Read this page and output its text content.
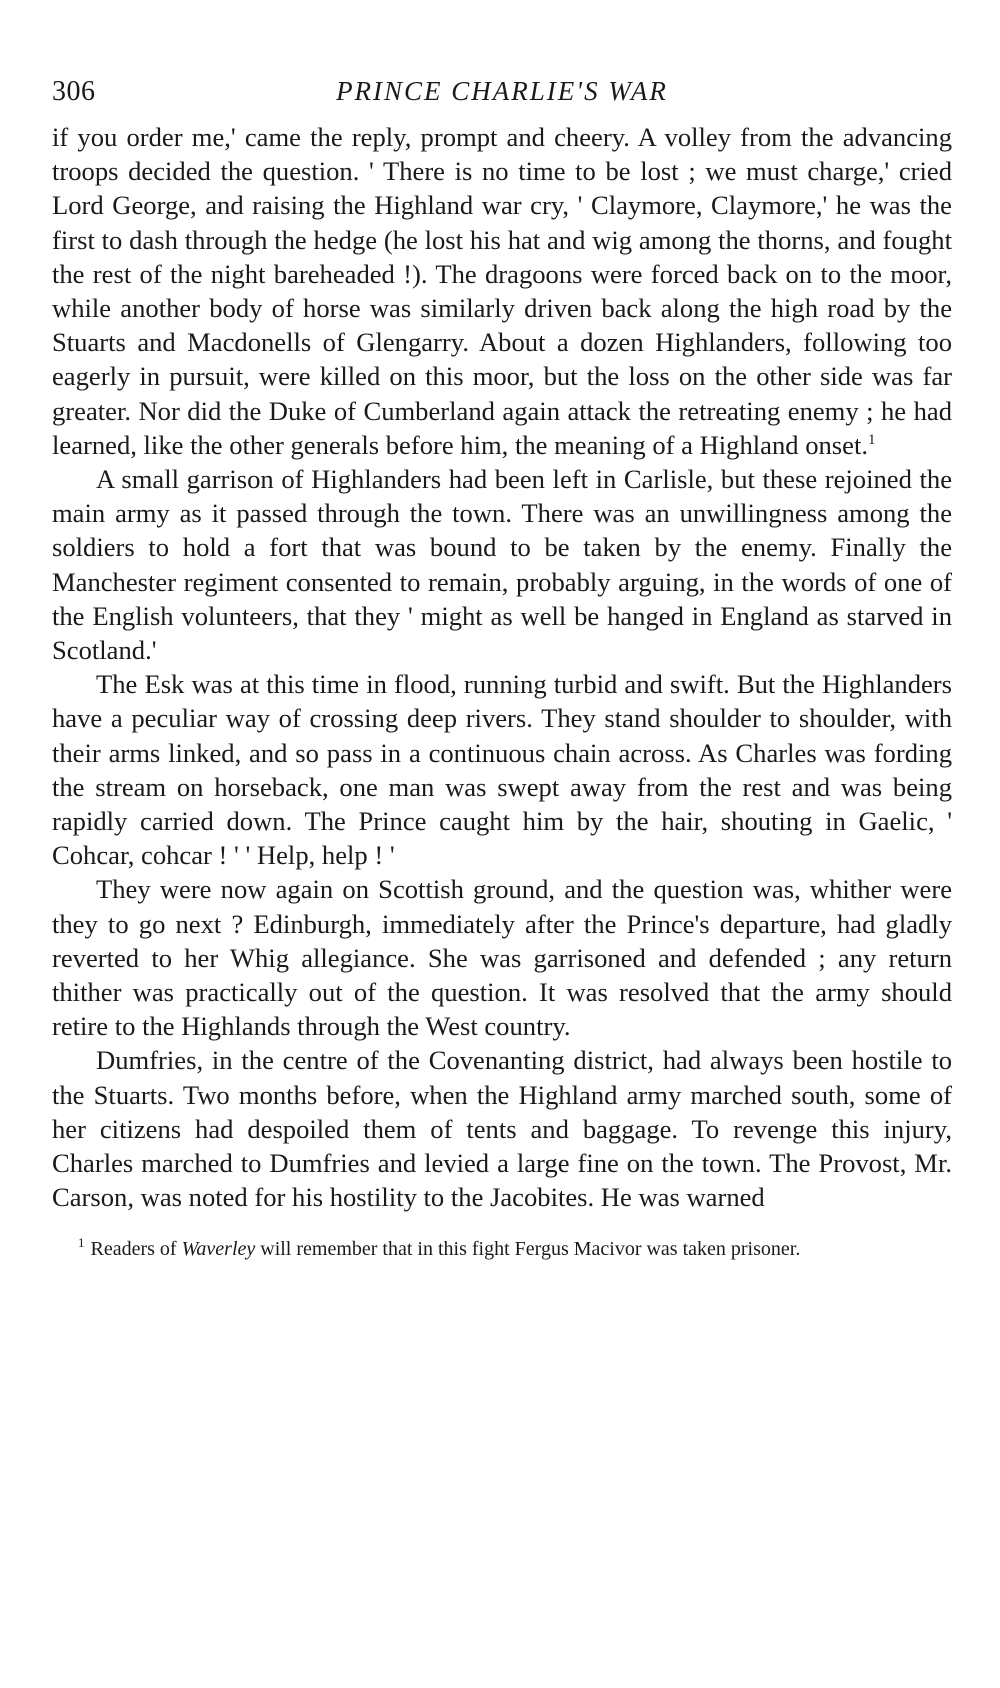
306	PRINCE CHARLIE'S WAR

if you order me,' came the reply, prompt and cheery. A volley from the advancing troops decided the question. ' There is no time to be lost ; we must charge,' cried Lord George, and raising the Highland war cry, ' Claymore, Claymore,' he was the first to dash through the hedge (he lost his hat and wig among the thorns, and fought the rest of the night bareheaded !). The dragoons were forced back on to the moor, while another body of horse was similarly driven back along the high road by the Stuarts and Macdonells of Glengarry. About a dozen Highlanders, following too eagerly in pursuit, were killed on this moor, but the loss on the other side was far greater. Nor did the Duke of Cumberland again attack the retreating enemy ; he had learned, like the other generals before him, the meaning of a Highland onset.$^1$

A small garrison of Highlanders had been left in Carlisle, but these rejoined the main army as it passed through the town. There was an unwillingness among the soldiers to hold a fort that was bound to be taken by the enemy. Finally the Manchester regiment consented to remain, probably arguing, in the words of one of the English volunteers, that they ' might as well be hanged in England as starved in Scotland.'

The Esk was at this time in flood, running turbid and swift. But the Highlanders have a peculiar way of crossing deep rivers. They stand shoulder to shoulder, with their arms linked, and so pass in a continuous chain across. As Charles was fording the stream on horseback, one man was swept away from the rest and was being rapidly carried down. The Prince caught him by the hair, shouting in Gaelic, ' Cohcar, cohcar ! ' ' Help, help ! '

They were now again on Scottish ground, and the question was, whither were they to go next ? Edinburgh, immediately after the Prince's departure, had gladly reverted to her Whig allegiance. She was garrisoned and defended ; any return thither was practically out of the question. It was resolved that the army should retire to the Highlands through the West country.

Dumfries, in the centre of the Covenanting district, had always been hostile to the Stuarts. Two months before, when the Highland army marched south, some of her citizens had despoiled them of tents and baggage. To revenge this injury, Charles marched to Dumfries and levied a large fine on the town. The Provost, Mr. Carson, was noted for his hostility to the Jacobites. He was warned

$^1$ Readers of Waverley will remember that in this fight Fergus Macivor was taken prisoner.
